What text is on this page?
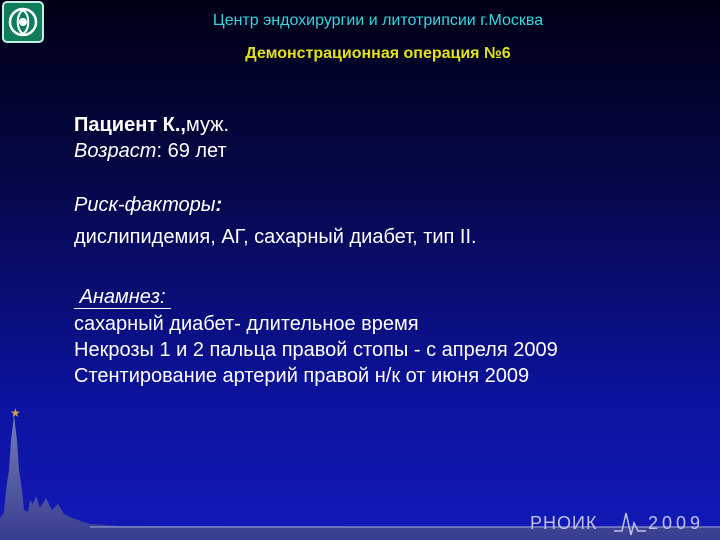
Центр эндохирургии и литотрипсии г.Москва
Демонстрационная операция №6
Пациент К.,муж.
Возраст: 69 лет
Риск-факторы:
дислипидемия, АГ, сахарный диабет, тип II.
Анамнез:
сахарный диабет- длительное время
Некрозы 1 и 2 пальца правой стопы - с апреля 2009
Стентирование артерий правой н/к от июня 2009
★
РНОИК	2009
